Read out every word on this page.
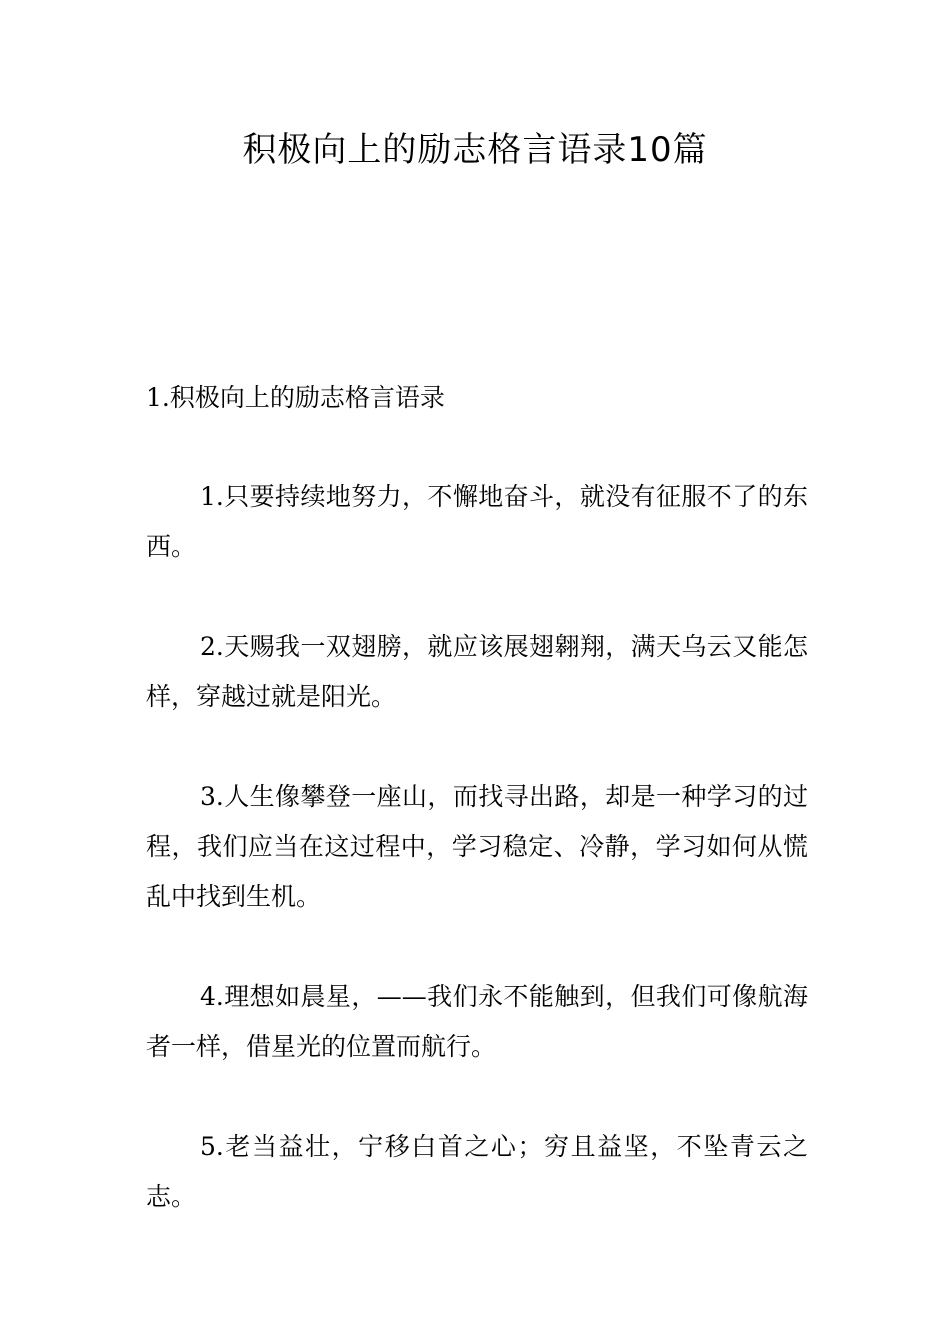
积极向上的励志格言语录10篇

1.积极向上的励志格言语录

1.只要持续地努力，不懈地奋斗，就没有征服不了的东西。

2.天赐我一双翅膀，就应该展翅翱翔，满天乌云又能怎样，穿越过就是阳光。

3.人生像攀登一座山，而找寻出路，却是一种学习的过程，我们应当在这过程中，学习稳定、冷静，学习如何从慌乱中找到生机。

4.理想如晨星，——我们永不能触到，但我们可像航海者一样，借星光的位置而航行。

5.老当益壮，宁移白首之心；穷且益坚，不坠青云之志。
